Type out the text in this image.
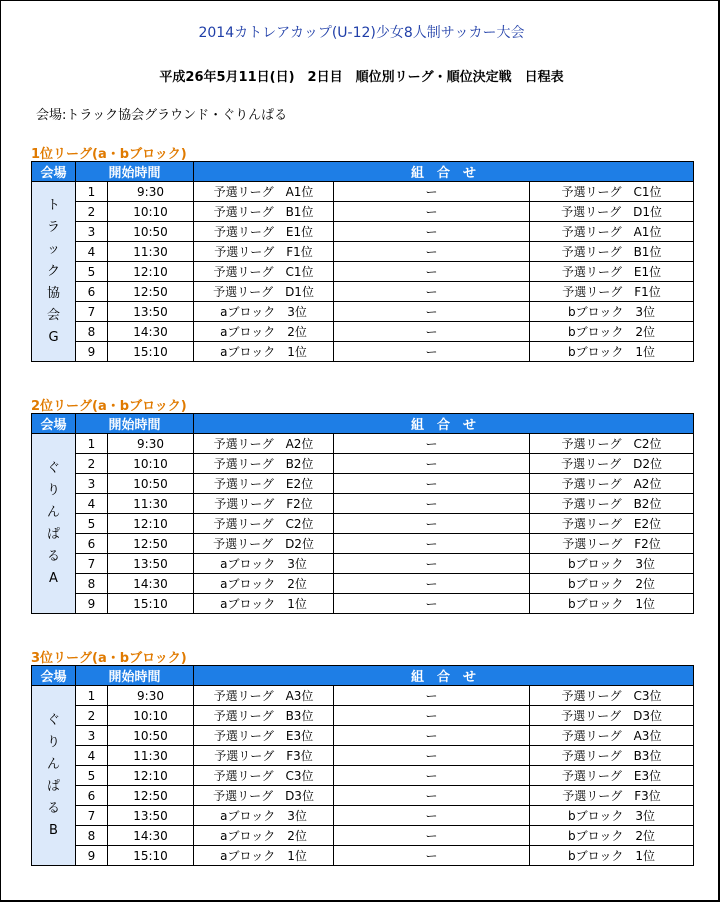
2014カトレアカップ(U-12)少女8人制サッカー大会
平成26年5月11日(日)　2日目　順位別リーグ・順位決定戦　日程表
会場:トラック協会グラウンド・ぐりんぱる
1位リーグ(a・bブロック)
会場	開始時間		組　合　せ		
トラック協会G	1	9:30	予選リーグ　A1位	ー	予選リーグ　C1位
	2	10:10	予選リーグ　B1位	ー	予選リーグ　D1位
	3	10:50	予選リーグ　E1位	ー	予選リーグ　A1位
	4	11:30	予選リーグ　F1位	ー	予選リーグ　B1位
	5	12:10	予選リーグ　C1位	ー	予選リーグ　E1位
	6	12:50	予選リーグ　D1位	ー	予選リーグ　F1位
	7	13:50	aブロック　3位	ー	bブロック　3位
	8	14:30	aブロック　2位	ー	bブロック　2位
	9	15:10	aブロック　1位	ー	bブロック　1位
2位リーグ(a・bブロック)
会場	開始時間		組　合　せ		
ぐりんぱる　A	1	9:30	予選リーグ　A2位	ー	予選リーグ　C2位
	2	10:10	予選リーグ　B2位	ー	予選リーグ　D2位
	3	10:50	予選リーグ　E2位	ー	予選リーグ　A2位
	4	11:30	予選リーグ　F2位	ー	予選リーグ　B2位
	5	12:10	予選リーグ　C2位	ー	予選リーグ　E2位
	6	12:50	予選リーグ　D2位	ー	予選リーグ　F2位
	7	13:50	aブロック　3位	ー	bブロック　3位
	8	14:30	aブロック　2位	ー	bブロック　2位
	9	15:10	aブロック　1位	ー	bブロック　1位
3位リーグ(a・bブロック)
会場	開始時間		組　合　せ		
ぐりんぱる　B	1	9:30	予選リーグ　A3位	ー	予選リーグ　C3位
	2	10:10	予選リーグ　B3位	ー	予選リーグ　D3位
	3	10:50	予選リーグ　E3位	ー	予選リーグ　A3位
	4	11:30	予選リーグ　F3位	ー	予選リーグ　B3位
	5	12:10	予選リーグ　C3位	ー	予選リーグ　E3位
	6	12:50	予選リーグ　D3位	ー	予選リーグ　F3位
	7	13:50	aブロック　3位	ー	bブロック　3位
	8	14:30	aブロック　2位	ー	bブロック　2位
	9	15:10	aブロック　1位	ー	bブロック　1位
